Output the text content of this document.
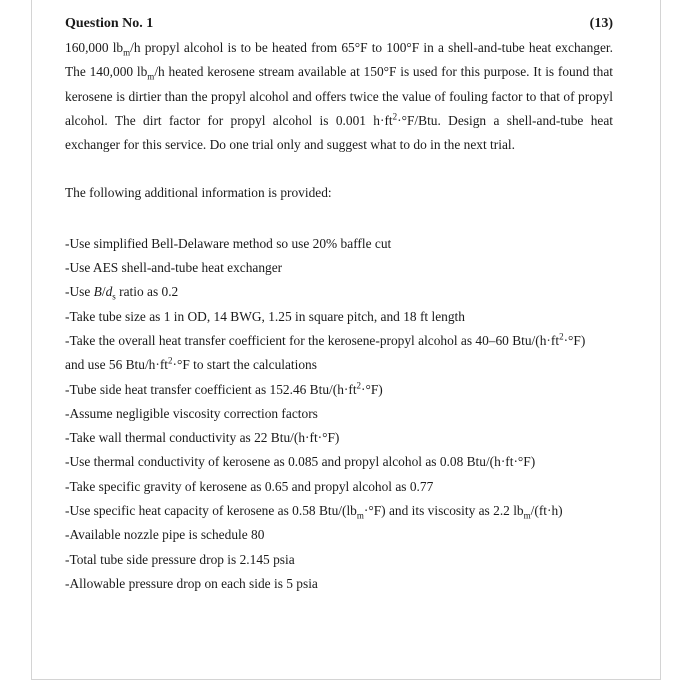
Question No. 1	(13)
160,000 $lb_m/h$ propyl alcohol is to be heated from 65°F to 100°F in a shell-and-tube heat exchanger. The 140,000 $lb_m/h$ heated kerosene stream available at 150°F is used for this purpose. It is found that kerosene is dirtier than the propyl alcohol and offers twice the value of fouling factor to that of propyl alcohol. The dirt factor for propyl alcohol is 0.001 $h\cdot ft^2\cdot^\circ F$/Btu. Design a shell-and-tube heat exchanger for this service. Do one trial only and suggest what to do in the next trial.
The following additional information is provided:
-Use simplified Bell-Delaware method so use 20% baffle cut
-Use AES shell-and-tube heat exchanger
-Use $B/d_s$ ratio as 0.2
-Take tube size as 1 in OD, 14 BWG, 1.25 in square pitch, and 18 ft length
-Take the overall heat transfer coefficient for the kerosene-propyl alcohol as 40–60 Btu/$(h\cdot ft^2\cdot^\circ F)$
and use 56 Btu/$h\cdot ft^2\cdot^\circ F$ to start the calculations
-Tube side heat transfer coefficient as 152.46 Btu/$(h\cdot ft^2\cdot^\circ F)$
-Assume negligible viscosity correction factors
-Take wall thermal conductivity as 22 Btu/(h·ft·°F)
-Use thermal conductivity of kerosene as 0.085 and propyl alcohol as 0.08 Btu/(h·ft·°F)
-Take specific gravity of kerosene as 0.65 and propyl alcohol as 0.77
-Use specific heat capacity of kerosene as 0.58 Btu/$(lb_m\cdot^\circ F)$ and its viscosity as 2.2 $lb_m/(ft\cdot h)$
-Available nozzle pipe is schedule 80
-Total tube side pressure drop is 2.145 psia
-Allowable pressure drop on each side is 5 psia
